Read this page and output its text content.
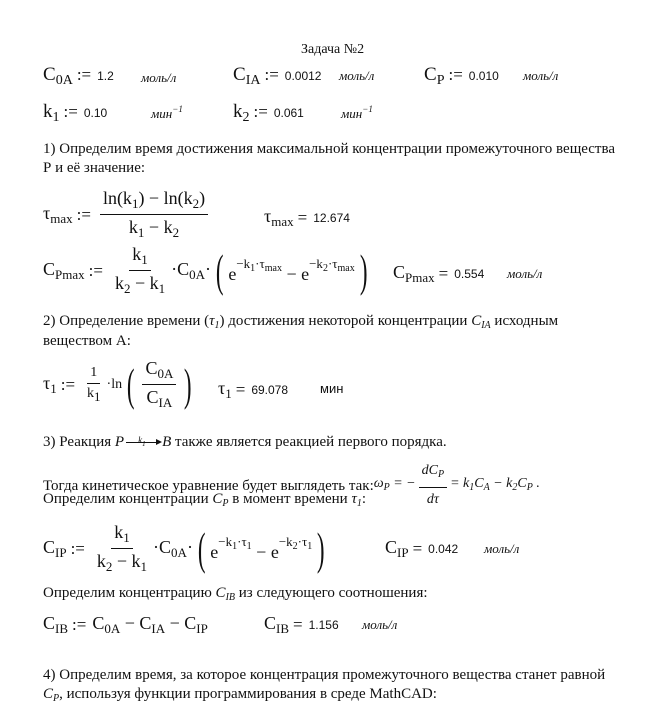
Задача №2
$C_{0A}$ := 1.2 моль/л	$C_{IA}$ := 0.0012 моль/л	$C_P$ := 0.010 моль/л
$k_1$ := 0.10	мин$^{-1}$	$k_2$ := 0.061	мин$^{-1}$
1) Определим время достижения максимальной концентрации промежуточного вещества
Р и её значение:
$\tau_{max}$ := $\frac{\ln(k_1) - \ln(k_2)}{k_1 - k_2}$	$\tau_{max} = 12.674$
$C_{Pmax}$ := $\frac{k_1}{k_2 - k_1} \cdot C_{0A}\cdot$ ( $e^{-k_1\cdot\tau_{max}} - e^{-k_2\cdot\tau_{max}}$ ) $C_{Pmax} = 0.554$ моль/л
2) Определение времени $(\tau_1)$ достижения некоторой концентрации $C_{IA}$ исходным
веществом А:
$\tau_1$ := $\frac{1}{k_1} \cdot\ln$ ( $\frac{C_{0A}}{C_{IA}}$ ) $\tau_1 = 69.078$ мин
3) Реакция P $k_1$ B также является реакцией первого порядка.
Тогда кинетическое уравнение будет выглядеть так: $\omega_P$ = − $\frac{dC_P}{d\tau} = k_1C_A - k_2C_P$ .
Определим концентрации $C_P$ в момент времени $\tau_1$:
$C_{IP}$ := $\frac{k_1}{k_2 - k_1} \cdot C_{0A}\cdot$ ( $e^{-k_1\cdot\tau_1} - e^{-k_2\cdot\tau_1}$ )	$C_{IP} = 0.042$ моль/л
Определим концентрацию $C_{IB}$ из следующего соотношения:
$C_{IB}$ := $C_{0A} - C_{IA} - C_{IP}$	$C_{IB} = 1.156$ моль/л
4) Определим время, за которое концентрация промежуточного вещества станет равной
$C_P$, используя функции программирования в среде MathCAD:
